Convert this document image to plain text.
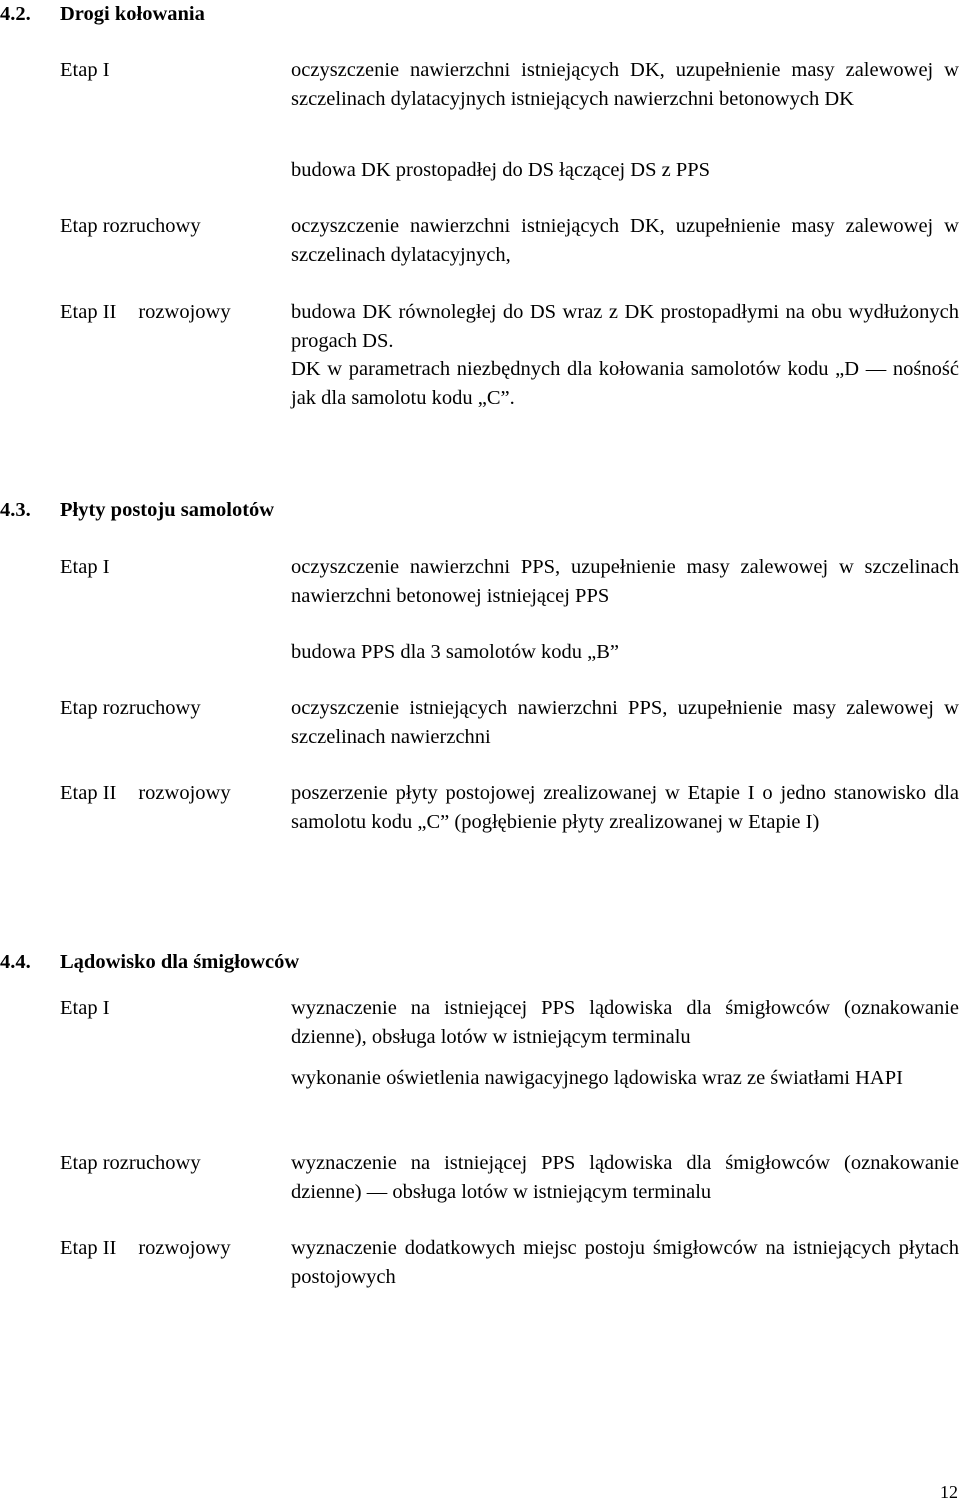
4.2. Drogi kołowania
Etap I	oczyszczenie nawierzchni istniejących DK, uzupełnienie masy zalewowej w szczelinach dylatacyjnych istniejących nawierzchni betonowych DK
budowa DK prostopadłej do DS łączącej DS z PPS
Etap rozruchowy	oczyszczenie nawierzchni istniejących DK, uzupełnienie masy zalewowej w szczelinach dylatacyjnych,
Etap II rozwojowy	budowa DK równoległej do DS wraz z DK prostopadłymi na obu wydłużonych progach DS.
DK w parametrach niezbędnych dla kołowania samolotów kodu „D — nośność jak dla samolotu kodu „C”.
4.3. Płyty postoju samolotów
Etap I	oczyszczenie nawierzchni PPS, uzupełnienie masy zalewowej w szczelinach nawierzchni betonowej istniejącej PPS
budowa PPS dla 3 samolotów kodu „B”
Etap rozruchowy	oczyszczenie istniejących nawierzchni PPS, uzupełnienie masy zalewowej w szczelinach nawierzchni
Etap II rozwojowy	poszerzenie płyty postojowej zrealizowanej w Etapie I o jedno stanowisko dla samolotu kodu „C” (pogłębienie płyty zrealizowanej w Etapie I)
4.4. Lądowisko dla śmigłowców
Etap I	wyznaczenie na istniejącej PPS lądowiska dla śmigłowców (oznakowanie dzienne), obsługa lotów w istniejącym terminalu
wykonanie oświetlenia nawigacyjnego lądowiska wraz ze światłami HAPI
Etap rozruchowy	wyznaczenie na istniejącej PPS lądowiska dla śmigłowców (oznakowanie dzienne) — obsługa lotów w istniejącym terminalu
Etap II rozwojowy	wyznaczenie dodatkowych miejsc postoju śmigłowców na istniejących płytach postojowych
12
